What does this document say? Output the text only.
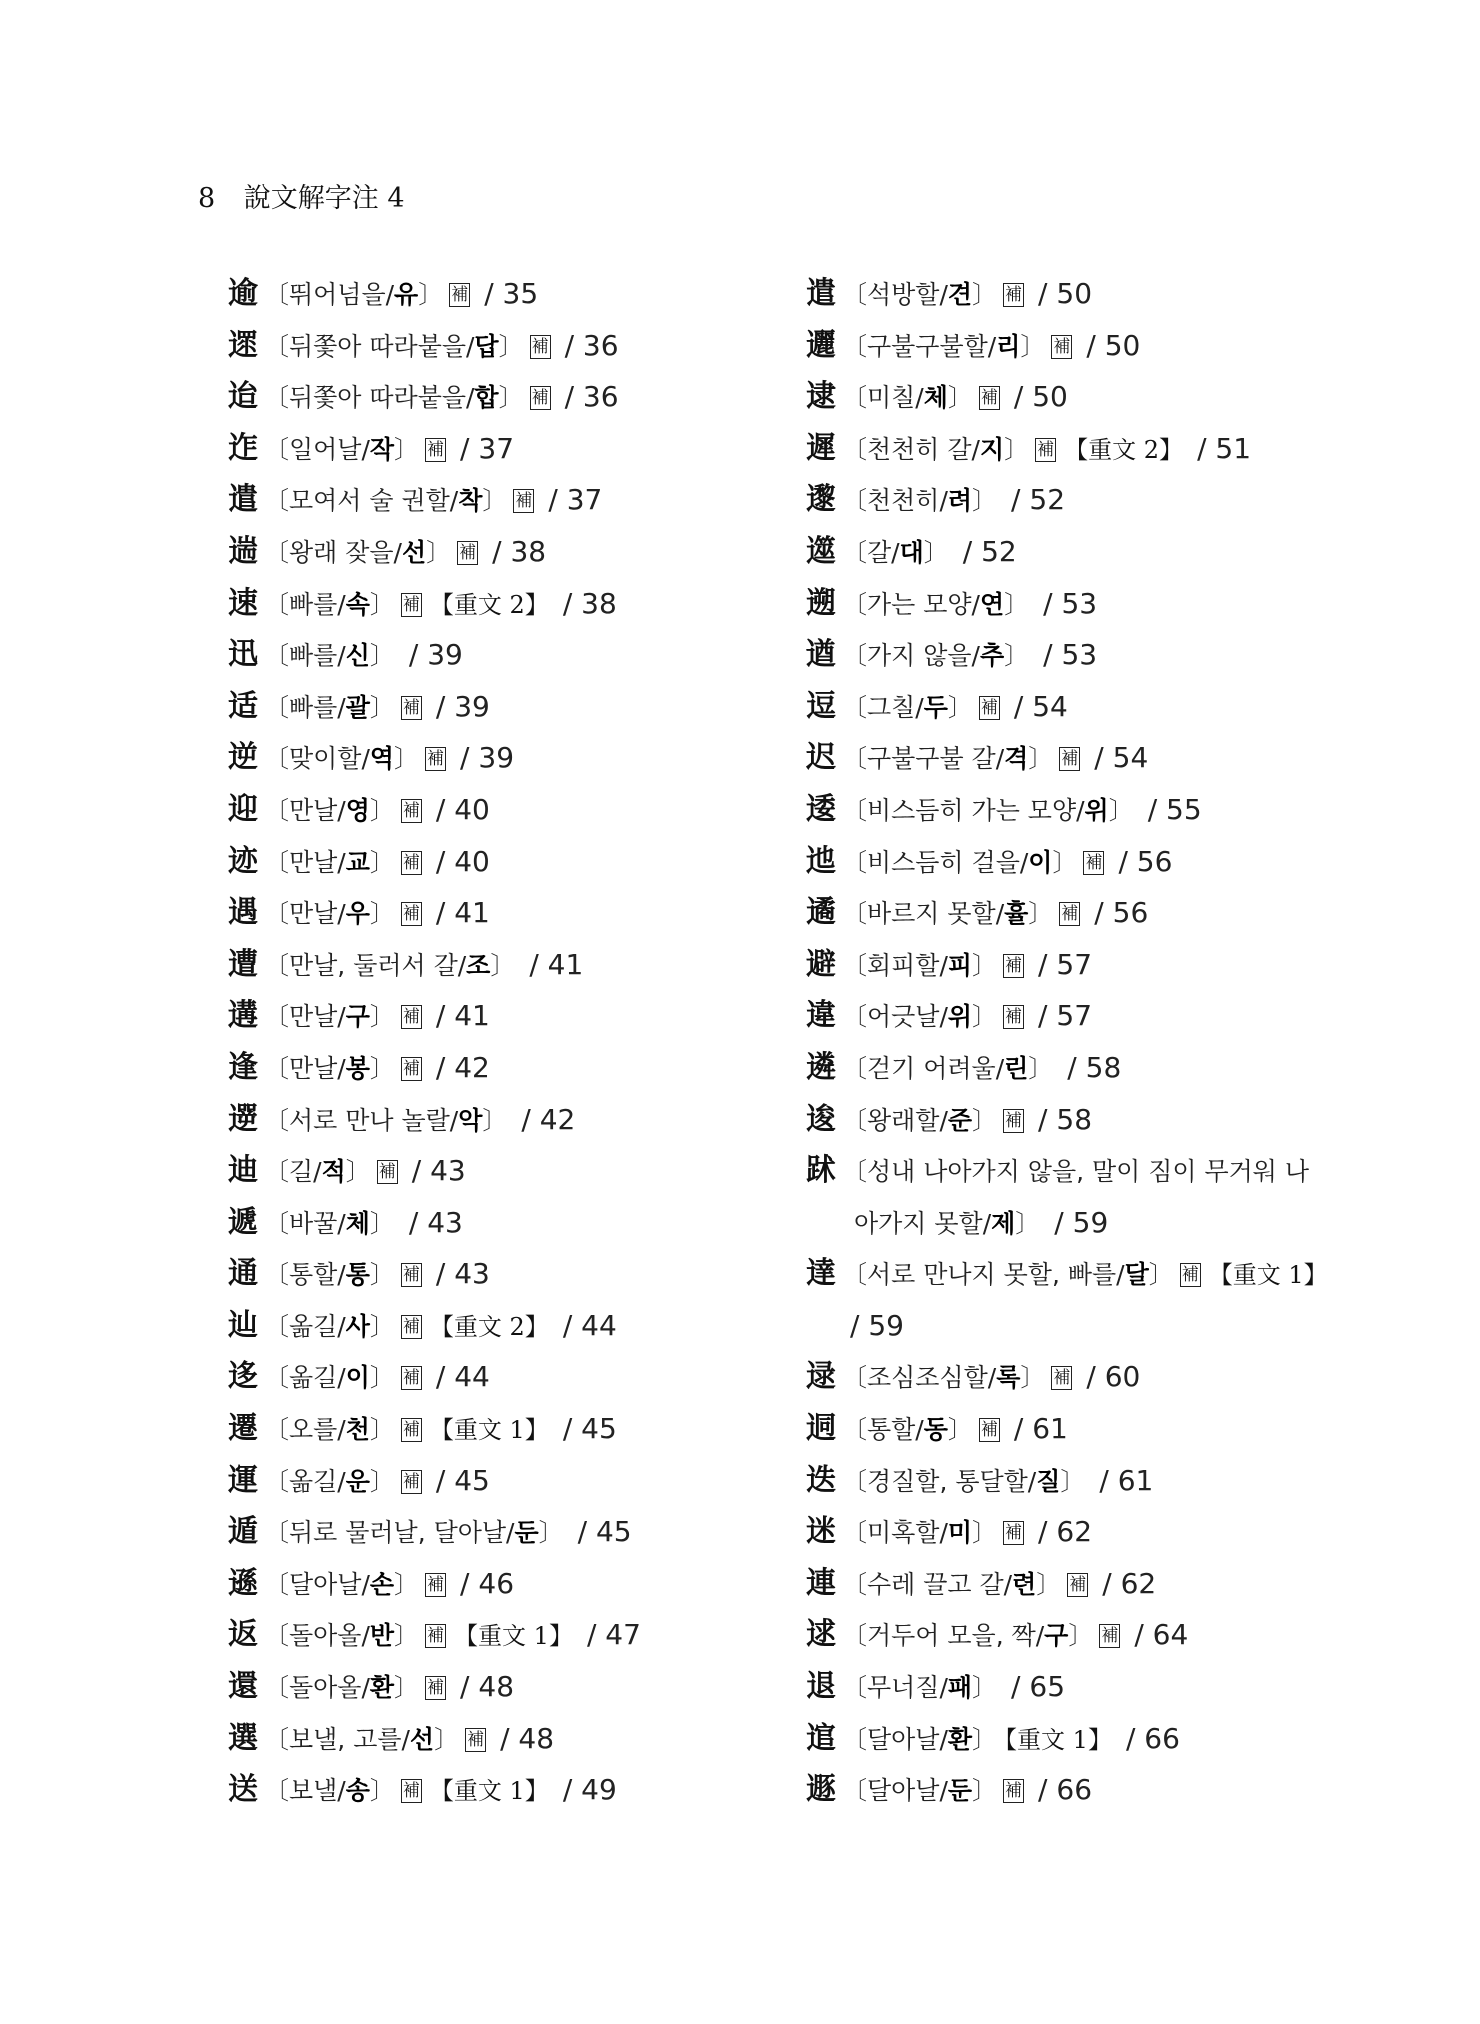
8 說文解字注 4
逾 〔뛰어넘을/유〕 補 / 35
遝 〔뒤쫓아 따라붙을/답〕 補 / 36
迨 〔뒤쫓아 따라붙을/합〕 補 / 36
迮 〔일어날/작〕 補 / 37
遣 〔모여서 술 권할/착〕 補 / 37
遄 〔왕래 잦을/선〕 補 / 38
速 〔빠를/속〕 補 【重文 2】 / 38
迅 〔빠를/신〕 / 39
适 〔빠를/괄〕 補 / 39
逆 〔맞이할/역〕 補 / 39
迎 〔만날/영〕 補 / 40
迹 〔만날/교〕 補 / 40
遇 〔만날/우〕 補 / 41
遭 〔만날, 둘러서 갈/조〕 / 41
遘 〔만날/구〕 補 / 41
逢 〔만날/봉〕 補 / 42
遻 〔서로 만나 놀랄/악〕 / 42
迪 〔길/적〕 補 / 43
遞 〔바꿀/체〕 / 43
通 〔통할/통〕 補 / 43
辿 〔옮길/사〕 補 【重文 2】 / 44
迻 〔옮길/이〕 補 / 44
遷 〔오를/천〕 補 【重文 1】 / 45
運 〔옮길/운〕 補 / 45
遁 〔뒤로 물러날, 달아날/둔〕 / 45
遜 〔달아날/손〕 補 / 46
返 〔돌아올/반〕 補 【重文 1】 / 47
還 〔돌아올/환〕 補 / 48
選 〔보낼, 고를/선〕 補 / 48
送 〔보낼/송〕 補 【重文 1】 / 49
遣 〔석방할/견〕 補 / 50
邐 〔구불구불할/리〕 補 / 50
逮 〔미칠/체〕 補 / 50
遲 〔천천히 갈/지〕 補 【重文 2】 / 51
邌 〔천천히/려〕 / 52
遾 〔갈/대〕 / 52
遡 〔가는 모양/연〕 / 53
遒 〔가지 않을/추〕 / 53
逗 〔그칠/두〕 補 / 54
迟 〔구불구불 갈/격〕 補 / 54
逶 〔비스듬히 가는 모양/위〕 / 55
迆 〔비스듬히 걸을/이〕 補 / 56
遹 〔바르지 못할/휼〕 補 / 56
避 〔회피할/피〕 補 / 57
違 〔어긋날/위〕 補 / 57
遴 〔걷기 어려울/린〕 / 58
逡 〔왕래할/준〕 補 / 58
䟣 〔성내 나아가지 않을, 말이 짐이 무거워 나
아가지 못할/제〕 / 59
達 〔서로 만나지 못할, 빠를/달〕 補 【重文 1】
/ 59
逯 〔조심조심할/록〕 補 / 60
迵 〔통할/동〕 補 / 61
迭 〔경질할, 통달할/질〕 / 61
迷 〔미혹할/미〕 補 / 62
連 〔수레 끌고 갈/련〕 補 / 62
逑 〔거두어 모을, 짝/구〕 補 / 64
退 〔무너질/패〕 / 65
逭 〔달아날/환〕 【重文 1】 / 66
遯 〔달아날/둔〕 補 / 66
